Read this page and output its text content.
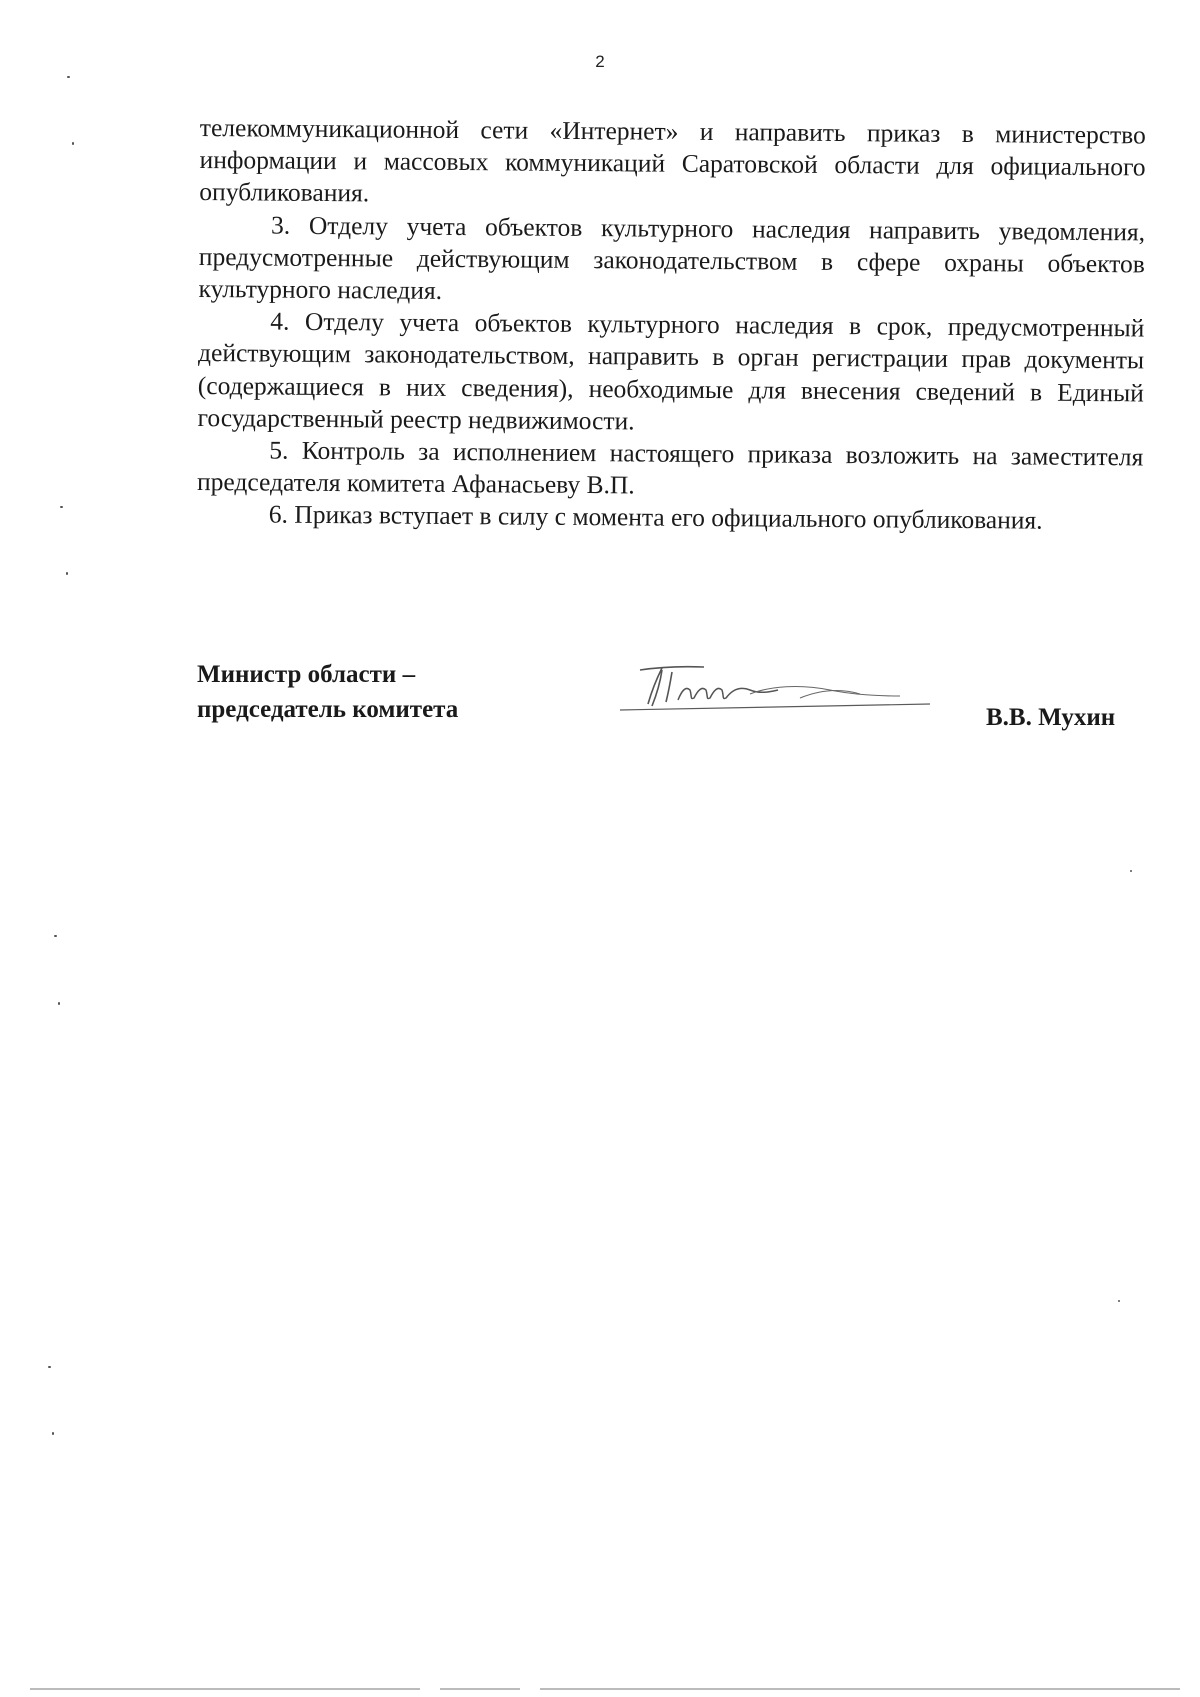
2

телекоммуникационной сети «Интернет» и направить приказ в министерство информации и массовых коммуникаций Саратовской области для официального опубликования.

3. Отделу учета объектов культурного наследия направить уведомления, предусмотренные действующим законодательством в сфере охраны объектов культурного наследия.

4. Отделу учета объектов культурного наследия в срок, предусмотренный действующим законодательством, направить в орган регистрации прав документы (содержащиеся в них сведения), необходимые для внесения сведений в Единый государственный реестр недвижимости.

5. Контроль за исполнением настоящего приказа возложить на заместителя председателя комитета Афанасьеву В.П.

6. Приказ вступает в силу с момента его официального опубликования.

Министр области –
председатель комитета	В.В. Мухин
